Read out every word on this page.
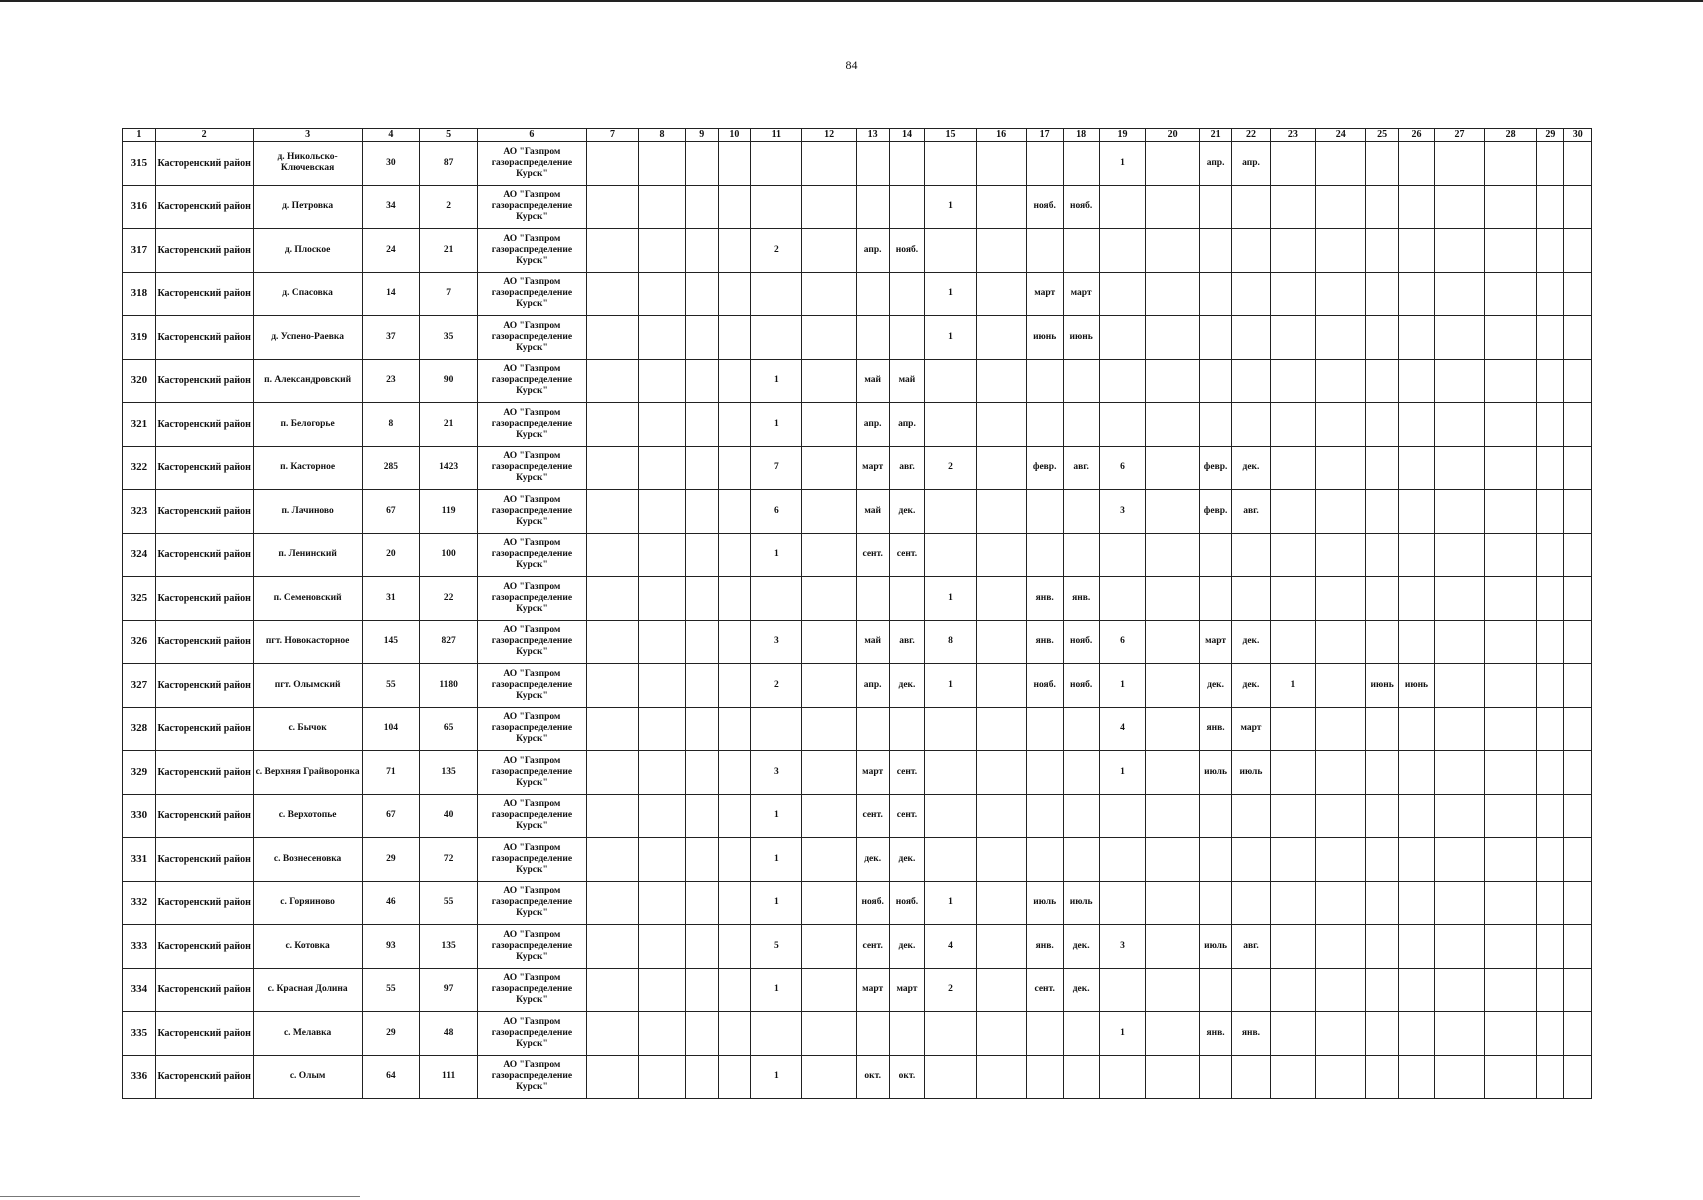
84
1	2	3	4	5	6	7	8	9	10	11	12	13	14	15	16	17	18	19	20	21	22	23	24	25	26	27	28	29	30
315	Касторенский район	д. Никольско-Ключевская	30	87	АО "Газпром газораспределение Курск"													1		апр.	апр.								
316	Касторенский район	д. Петровка	34	2	АО "Газпром газораспределение Курск"									1		нояб.	нояб.												
317	Касторенский район	д. Плоское	24	21	АО "Газпром газораспределение Курск"					2		апр.	нояб.																
318	Касторенский район	д. Спасовка	14	7	АО "Газпром газораспределение Курск"									1		март	март												
319	Касторенский район	д. Успено-Раевка	37	35	АО "Газпром газораспределение Курск"									1		июнь	июнь												
320	Касторенский район	п. Александровский	23	90	АО "Газпром газораспределение Курск"					1		май	май																
321	Касторенский район	п. Белогорье	8	21	АО "Газпром газораспределение Курск"					1		апр.	апр.																
322	Касторенский район	п. Касторное	285	1423	АО "Газпром газораспределение Курск"					7		март	авг.	2		февр.	авг.	6		февр.	дек.								
323	Касторенский район	п. Лачиново	67	119	АО "Газпром газораспределение Курск"					6		май	дек.					3		февр.	авг.								
324	Касторенский район	п. Ленинский	20	100	АО "Газпром газораспределение Курск"					1		сент.	сент.																
325	Касторенский район	п. Семеновский	31	22	АО "Газпром газораспределение Курск"									1		янв.	янв.												
326	Касторенский район	пгт. Новокасторное	145	827	АО "Газпром газораспределение Курск"					3		май	авг.	8		янв.	нояб.	6		март	дек.								
327	Касторенский район	пгт. Олымский	55	1180	АО "Газпром газораспределение Курск"					2		апр.	дек.	1		нояб.	нояб.	1		дек.	дек.	1		июнь	июнь				
328	Касторенский район	с. Бычок	104	65	АО "Газпром газораспределение Курск"													4		янв.	март								
329	Касторенский район	с. Верхняя Грайворонка	71	135	АО "Газпром газораспределение Курск"					3		март	сент.					1		июль	июль								
330	Касторенский район	с. Верхотопье	67	40	АО "Газпром газораспределение Курск"					1		сент.	сент.																
331	Касторенский район	с. Вознесеновка	29	72	АО "Газпром газораспределение Курск"					1		дек.	дек.																
332	Касторенский район	с. Горяиново	46	55	АО "Газпром газораспределение Курск"					1		нояб.	нояб.	1		июль	июль												
333	Касторенский район	с. Котовка	93	135	АО "Газпром газораспределение Курск"					5		сент.	дек.	4		янв.	дек.	3		июль	авг.								
334	Касторенский район	с. Красная Долина	55	97	АО "Газпром газораспределение Курск"					1		март	март	2		сент.	дек.												
335	Касторенский район	с. Мелавка	29	48	АО "Газпром газораспределение Курск"													1		янв.	янв.								
336	Касторенский район	с. Олым	64	111	АО "Газпром газораспределение Курск"					1		окт.	окт.																
